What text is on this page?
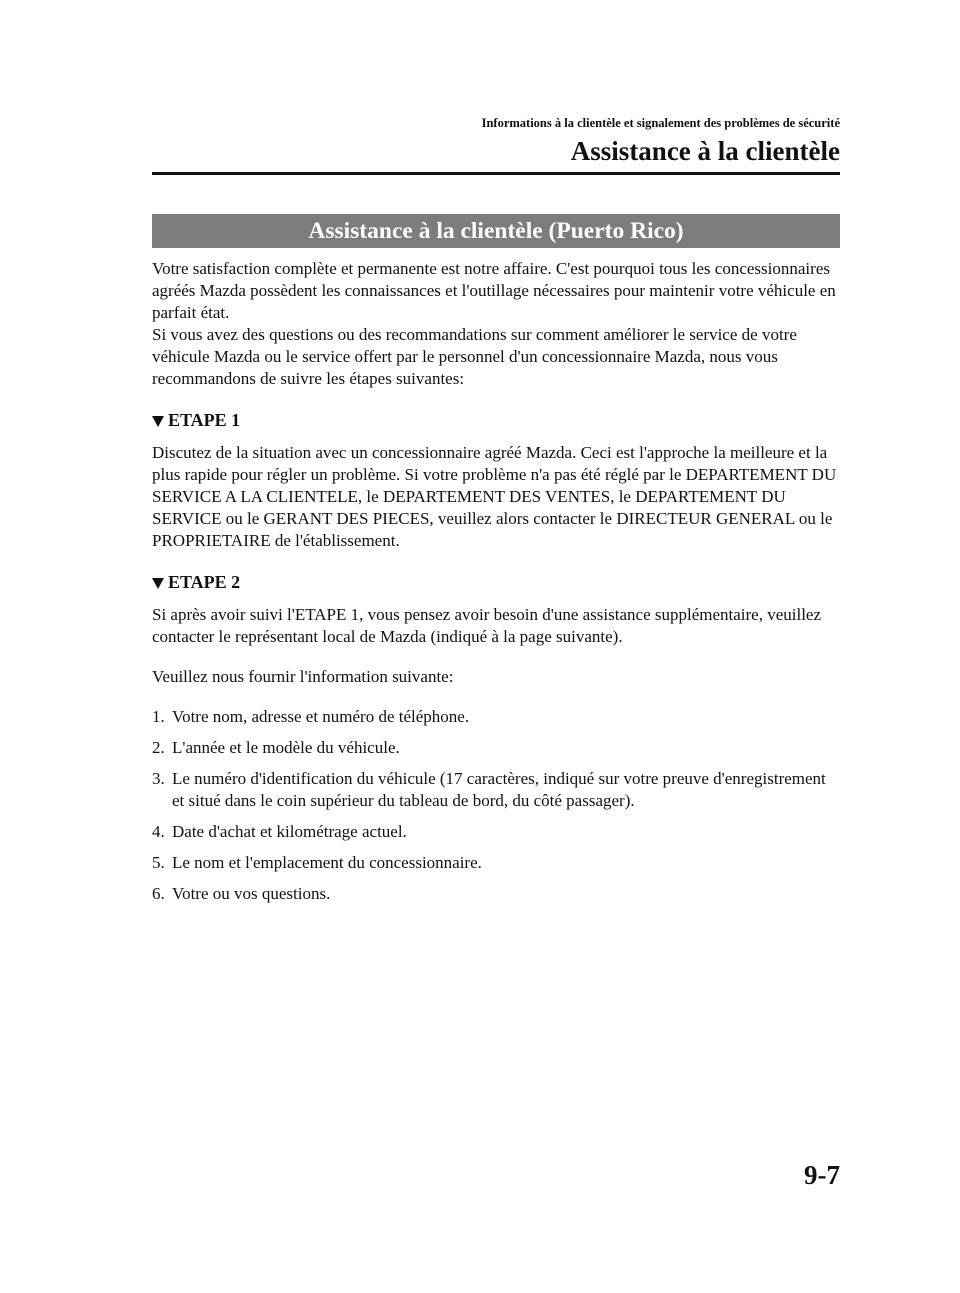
Informations à la clientèle et signalement des problèmes de sécurité
Assistance à la clientèle
Assistance à la clientèle (Puerto Rico)

Votre satisfaction complète et permanente est notre affaire. C'est pourquoi tous les concessionnaires agréés Mazda possèdent les connaissances et l'outillage nécessaires pour maintenir votre véhicule en parfait état.

Si vous avez des questions ou des recommandations sur comment améliorer le service de votre véhicule Mazda ou le service offert par le personnel d'un concessionnaire Mazda, nous vous recommandons de suivre les étapes suivantes:

ETAPE 1

Discutez de la situation avec un concessionnaire agréé Mazda. Ceci est l'approche la meilleure et la plus rapide pour régler un problème. Si votre problème n'a pas été réglé par le DEPARTEMENT DU SERVICE A LA CLIENTELE, le DEPARTEMENT DES VENTES, le DEPARTEMENT DU SERVICE ou le GERANT DES PIECES, veuillez alors contacter le DIRECTEUR GENERAL ou le PROPRIETAIRE de l'établissement.

ETAPE 2

Si après avoir suivi l'ETAPE 1, vous pensez avoir besoin d'une assistance supplémentaire, veuillez contacter le représentant local de Mazda (indiqué à la page suivante).

Veuillez nous fournir l'information suivante:

1. Votre nom, adresse et numéro de téléphone.
2. L'année et le modèle du véhicule.
3. Le numéro d'identification du véhicule (17 caractères, indiqué sur votre preuve d'enregistrement et situé dans le coin supérieur du tableau de bord, du côté passager).
4. Date d'achat et kilométrage actuel.
5. Le nom et l'emplacement du concessionnaire.
6. Votre ou vos questions.
9-7
